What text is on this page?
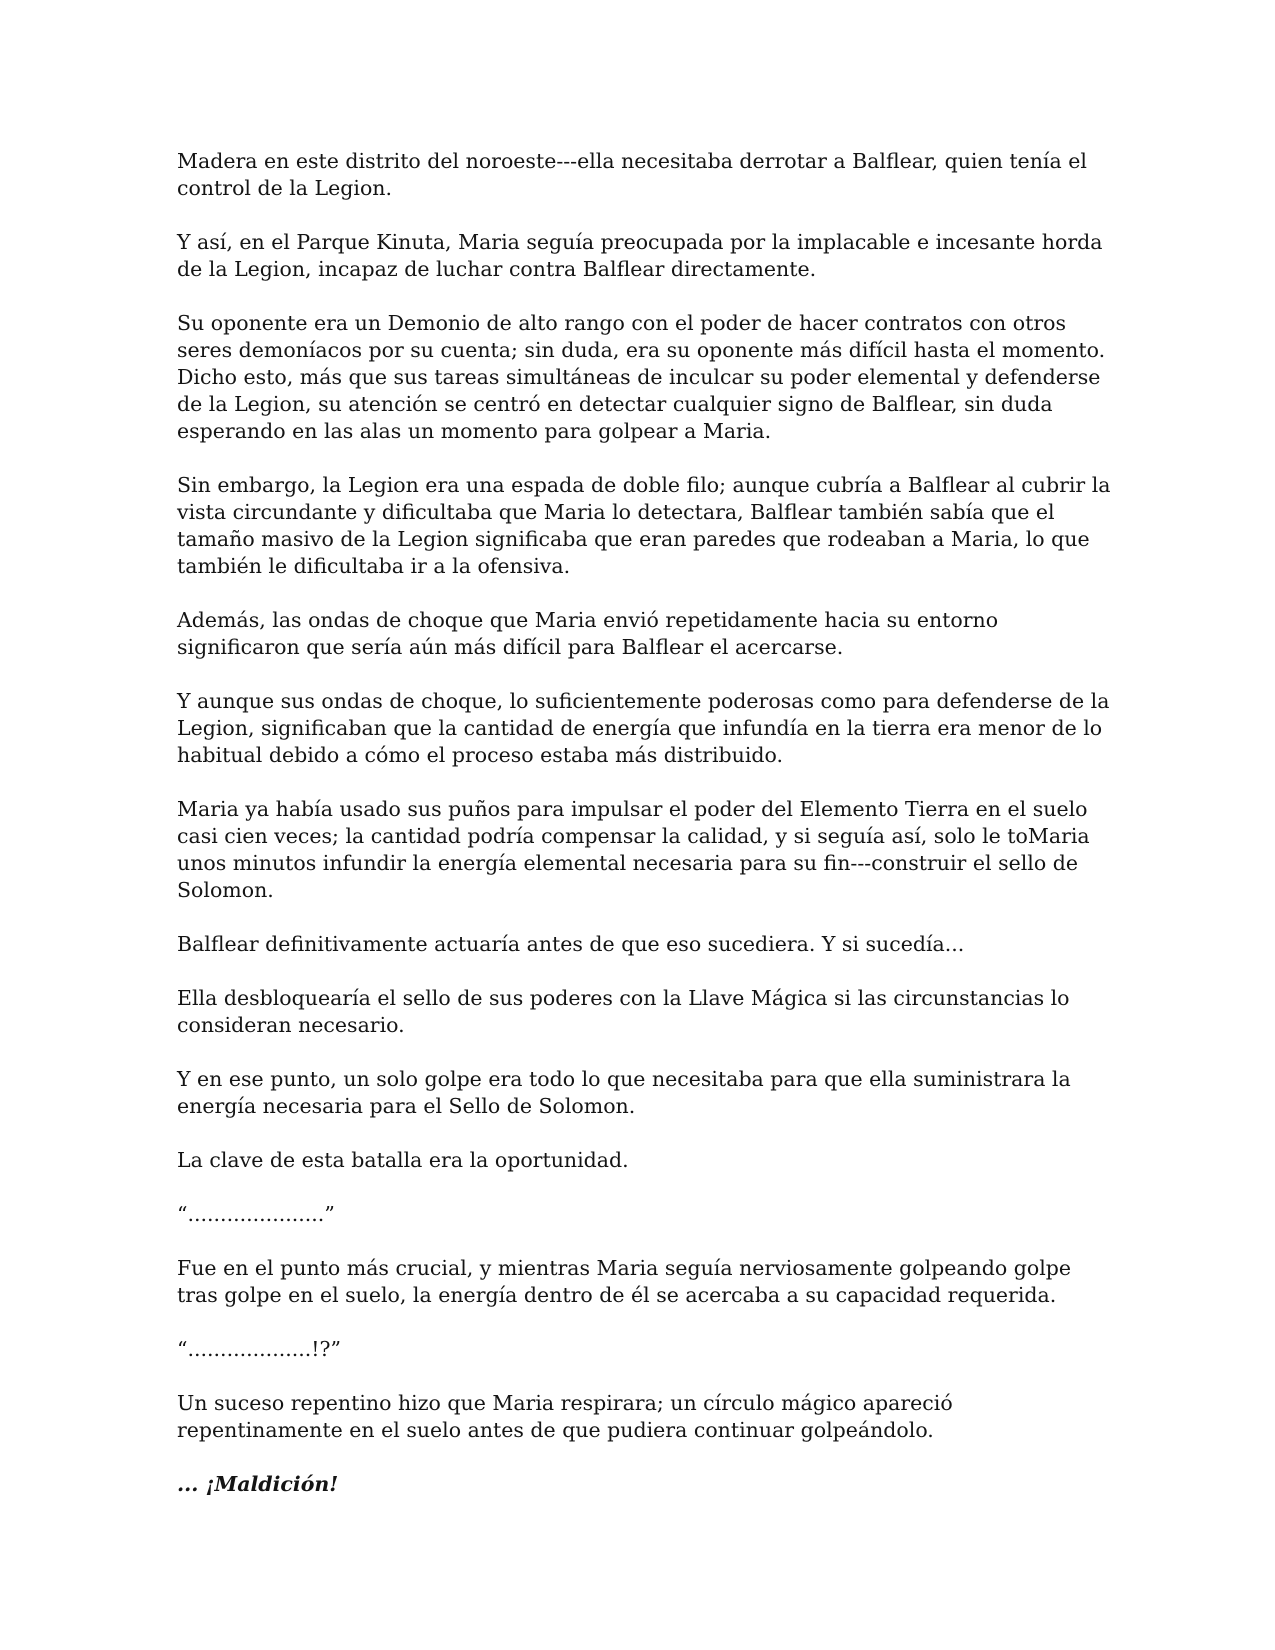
Madera en este distrito del noroeste---ella necesitaba derrotar a Balflear, quien tenía el control de la Legion.

Y así, en el Parque Kinuta, Maria seguía preocupada por la implacable e incesante horda de la Legion, incapaz de luchar contra Balflear directamente.

Su oponente era un Demonio de alto rango con el poder de hacer contratos con otros seres demoníacos por su cuenta; sin duda, era su oponente más difícil hasta el momento. Dicho esto, más que sus tareas simultáneas de inculcar su poder elemental y defenderse de la Legion, su atención se centró en detectar cualquier signo de Balflear, sin duda esperando en las alas un momento para golpear a Maria.

Sin embargo, la Legion era una espada de doble filo; aunque cubría a Balflear al cubrir la vista circundante y dificultaba que Maria lo detectara, Balflear también sabía que el tamaño masivo de la Legion significaba que eran paredes que rodeaban a Maria, lo que también le dificultaba ir a la ofensiva.

Además, las ondas de choque que Maria envió repetidamente hacia su entorno significaron que sería aún más difícil para Balflear el acercarse.

Y aunque sus ondas de choque, lo suficientemente poderosas como para defenderse de la Legion, significaban que la cantidad de energía que infundía en la tierra era menor de lo habitual debido a cómo el proceso estaba más distribuido.

Maria ya había usado sus puños para impulsar el poder del Elemento Tierra en el suelo casi cien veces; la cantidad podría compensar la calidad, y si seguía así, solo le toMaria unos minutos infundir la energía elemental necesaria para su fin---construir el sello de Solomon.

Balflear definitivamente actuaría antes de que eso sucediera. Y si sucedía...

Ella desbloquearía el sello de sus poderes con la Llave Mágica si las circunstancias lo consideran necesario.

Y en ese punto, un solo golpe era todo lo que necesitaba para que ella suministrara la energía necesaria para el Sello de Solomon.

La clave de esta batalla era la oportunidad.

“.....................”

Fue en el punto más crucial, y mientras Maria seguía nerviosamente golpeando golpe tras golpe en el suelo, la energía dentro de él se acercaba a su capacidad requerida.

“...................!?”

Un suceso repentino hizo que Maria respirara; un círculo mágico apareció repentinamente en el suelo antes de que pudiera continuar golpeándolo.

... ¡Maldición!
